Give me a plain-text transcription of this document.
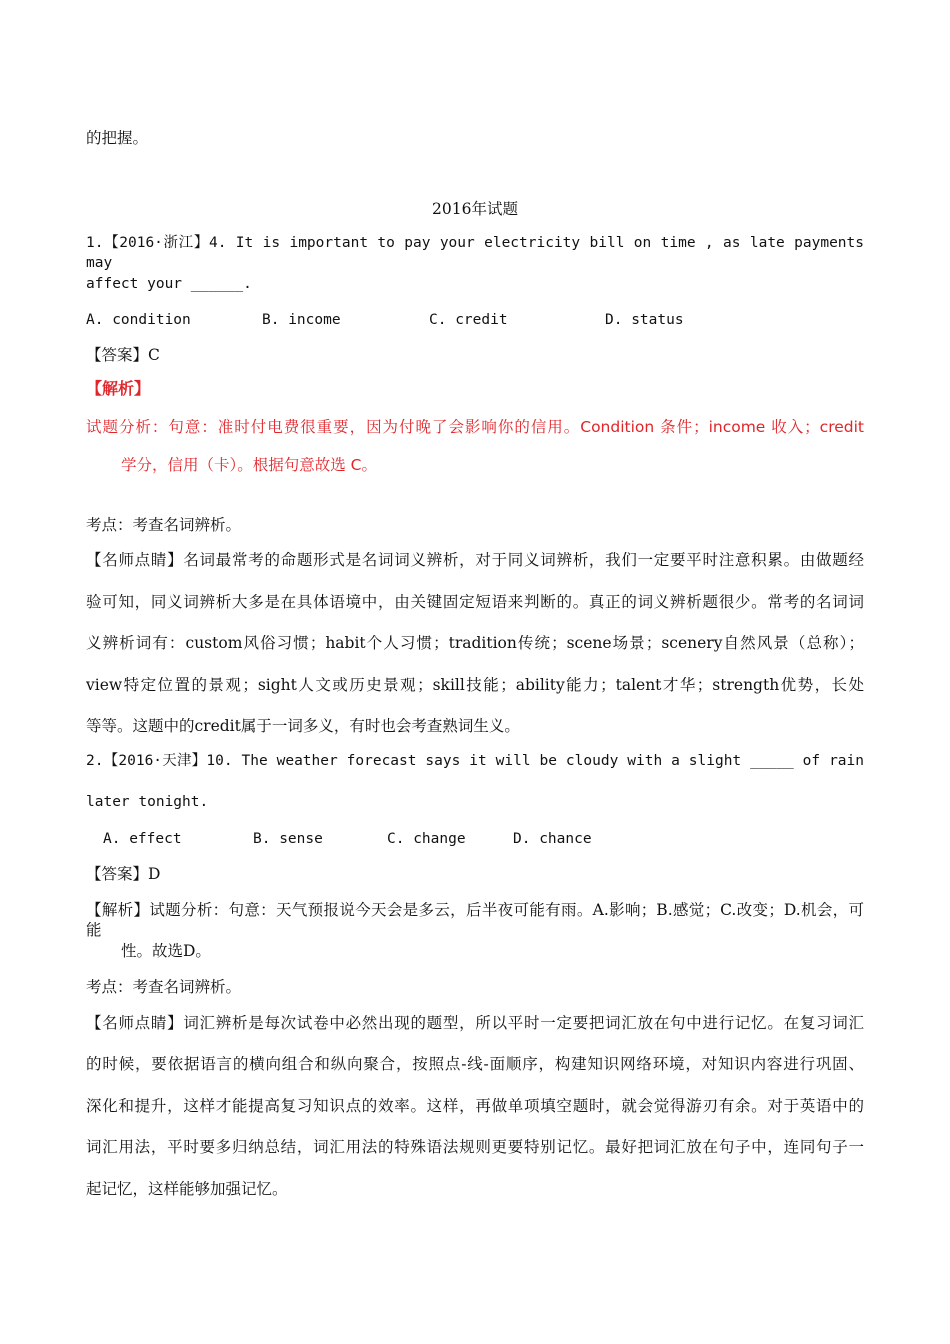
的把握。
2016年试题
1.【2016·浙江】4. It is important to pay your electricity bill on time , as late payments may
affect your ______.
A. condition	B. income	C. credit	D. status
【答案】C
【解析】
试题分析：句意：准时付电费很重要，因为付晚了会影响你的信用。Condition 条件；income 收入；credit
学分，信用（卡）。根据句意故选 C。
考点：考查名词辨析。
【名师点睛】名词最常考的命题形式是名词词义辨析，对于同义词辨析，我们一定要平时注意积累。由做题经
验可知，同义词辨析大多是在具体语境中，由关键固定短语来判断的。真正的词义辨析题很少。常考的名词词
义辨析词有：custom风俗习惯；habit个人习惯；tradition传统；scene场景；scenery自然风景（总称）；
view特定位置的景观；sight人文或历史景观；skill技能；ability能力；talent才华；strength优势，长处
等等。这题中的credit属于一词多义，有时也会考查熟词生义。
2.【2016·天津】10. The weather forecast says it will be cloudy with a slight _____ of rain
later tonight.
A. effect	B. sense	C. change	D. chance
【答案】D
【解析】试题分析：句意：天气预报说今天会是多云，后半夜可能有雨。A.影响；B.感觉；C.改变；D.机会，可能
性。故选D。
考点：考查名词辨析。
【名师点睛】词汇辨析是每次试卷中必然出现的题型，所以平时一定要把词汇放在句中进行记忆。在复习词汇
的时候，要依据语言的横向组合和纵向聚合，按照点-线-面顺序，构建知识网络环境，对知识内容进行巩固、
深化和提升，这样才能提高复习知识点的效率。这样，再做单项填空题时，就会觉得游刃有余。对于英语中的
词汇用法，平时要多归纳总结，词汇用法的特殊语法规则更要特别记忆。最好把词汇放在句子中，连同句子一
起记忆，这样能够加强记忆。
